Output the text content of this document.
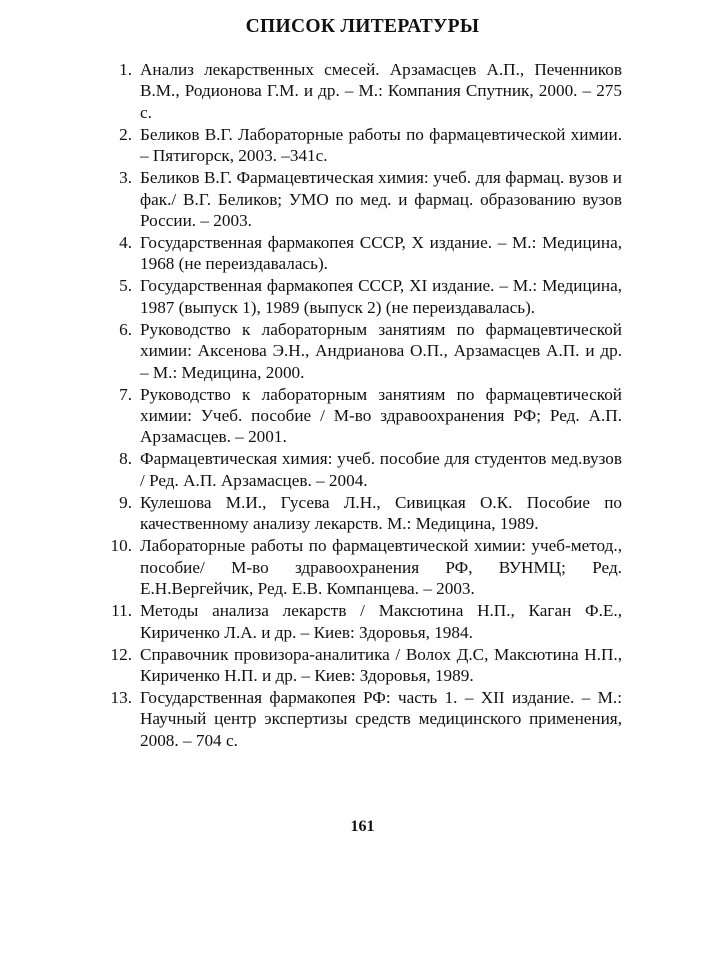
СПИСОК ЛИТЕРАТУРЫ
1. Анализ лекарственных смесей. Арзамасцев А.П., Печенников В.М., Родионова Г.М. и др. – М.: Компания Спутник, 2000. – 275 с.
2. Беликов В.Г. Лабораторные работы по фармацевтической химии. – Пятигорск, 2003. –341с.
3. Беликов В.Г. Фармацевтическая химия: учеб. для фармац. вузов и фак./ В.Г. Беликов; УМО по мед. и фармац. образованию вузов России. – 2003.
4. Государственная фармакопея СССР, X издание. – М.: Медицина, 1968 (не переиздавалась).
5. Государственная фармакопея СССР, XI издание. – М.: Медицина, 1987 (выпуск 1), 1989 (выпуск 2) (не переиздавалась).
6. Руководство к лабораторным занятиям по фармацевтической химии: Аксенова Э.Н., Андрианова О.П., Арзамасцев А.П. и др. – М.: Медицина, 2000.
7. Руководство к лабораторным занятиям по фармацевтической химии: Учеб. пособие / М-во здравоохранения РФ; Ред. А.П. Арзамасцев. – 2001.
8. Фармацевтическая химия: учеб. пособие для студентов мед.вузов / Ред. А.П. Арзамасцев. – 2004.
9. Кулешова М.И., Гусева Л.Н., Сивицкая О.К. Пособие по качественному анализу лекарств. М.: Медицина, 1989.
10. Лабораторные работы по фармацевтической химии: учеб-метод., пособие/ М-во здравоохранения РФ, ВУНМЦ; Ред. Е.Н.Вергейчик, Ред. Е.В. Компанцева. – 2003.
11. Методы анализа лекарств / Максютина Н.П., Каган Ф.Е., Кириченко Л.А. и др. – Киев: Здоровья, 1984.
12. Справочник провизора-аналитика / Волох Д.С, Максютина Н.П., Кириченко Н.П. и др. – Киев: Здоровья, 1989.
13. Государственная фармакопея РФ: часть 1. – XII издание. – М.: Научный центр экспертизы средств медицинского применения, 2008. – 704 с.
161
